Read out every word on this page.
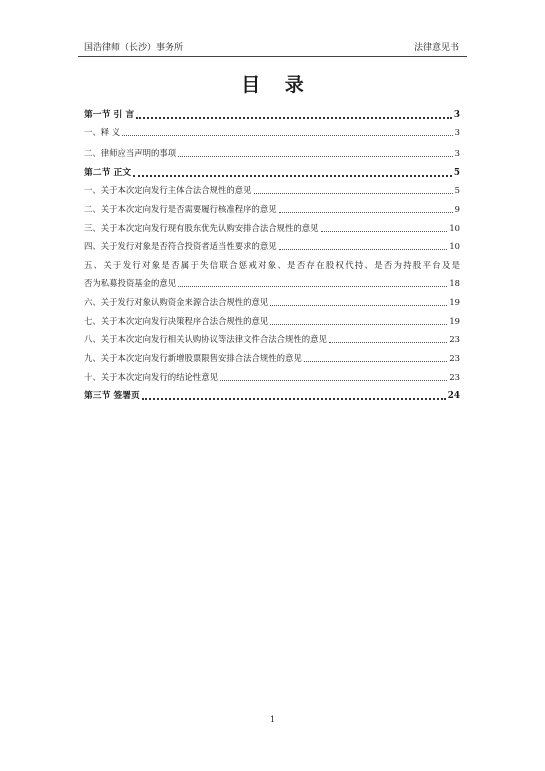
国浩律师（长沙）事务所	法律意见书
目 录
第一节 引 言	3
一、释 义	3
二、律师应当声明的事项	3
第二节 正文	5
一、关于本次定向发行主体合法合规性的意见	5
二、关于本次定向发行是否需要履行核准程序的意见	9
三、关于本次定向发行现有股东优先认购安排合法合规性的意见	10
四、关于发行对象是否符合投资者适当性要求的意见	10
五、关于发行对象是否属于失信联合惩戒对象、是否存在股权代持、是否为持股平台及是
否为私募投资基金的意见	18
六、关于发行对象认购资金来源合法合规性的意见	19
七、关于本次定向发行决策程序合法合规性的意见	19
八、关于本次定向发行相关认购协议等法律文件合法合规性的意见	23
九、关于本次定向发行新增股票限售安排合法合规性的意见	23
十、关于本次定向发行的结论性意见	23
第三节 签署页	24
1
